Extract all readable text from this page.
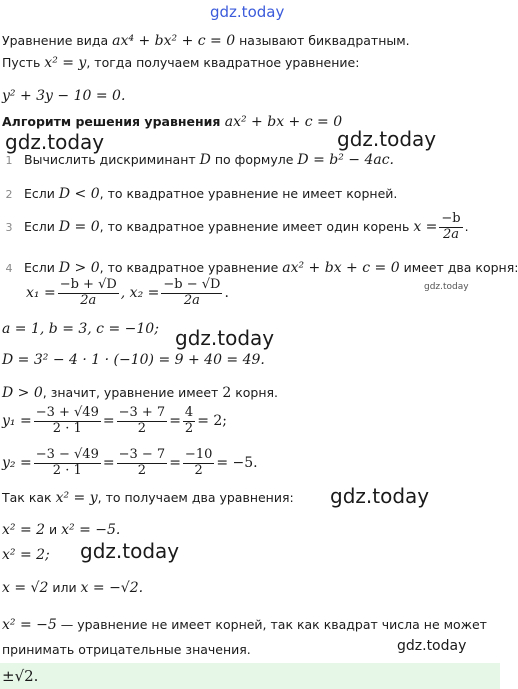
gdz.today
Уравнение вида ax⁴ + bx² + c = 0 называют биквадратным.
Пусть x² = y, тогда получаем квадратное уравнение:
y² + 3y − 10 = 0.
Алгоритм решения уравнения ax² + bx + c = 0
gdz.today	gdz.today
1 Вычислить дискриминант D по формуле D = b² − 4ac.
2 Если D < 0, то квадратное уравнение не имеет корней.
3 Если D = 0, то квадратное уравнение имеет один корень $x = \frac{-b}{2a}$ .
4 Если D > 0, то квадратное уравнение ax² + bx + c = 0 имеет два корня:
$x_1 = \frac{-b + √D}{2a}$ , $x_2 = \frac{-b - √D}{2a}$ .	gdz.today
a = 1, b = 3, c = −10; gdz.today
D = 3² − 4 · 1 · (−10) = 9 + 40 = 49.
D > 0, значит, уравнение имеет 2 корня.
$y_1 = \frac{-3 + √49}{2 \cdot 1} = \frac{-3 + 7}{2} = \frac{4}{2} = 2$;
$y_2 = \frac{-3 - √49}{2 \cdot 1} = \frac{-3 - 7}{2} = \frac{-10}{2} = -5$.
Так как x² = y, то получаем два уравнения: gdz.today
x² = 2 и x² = −5.
x² = 2; gdz.today
x = √2 или x = −√2.
x² = −5 — уравнение не имеет корней, так как квадрат числа не может
принимать отрицательные значения.	gdz.today
±√2.
